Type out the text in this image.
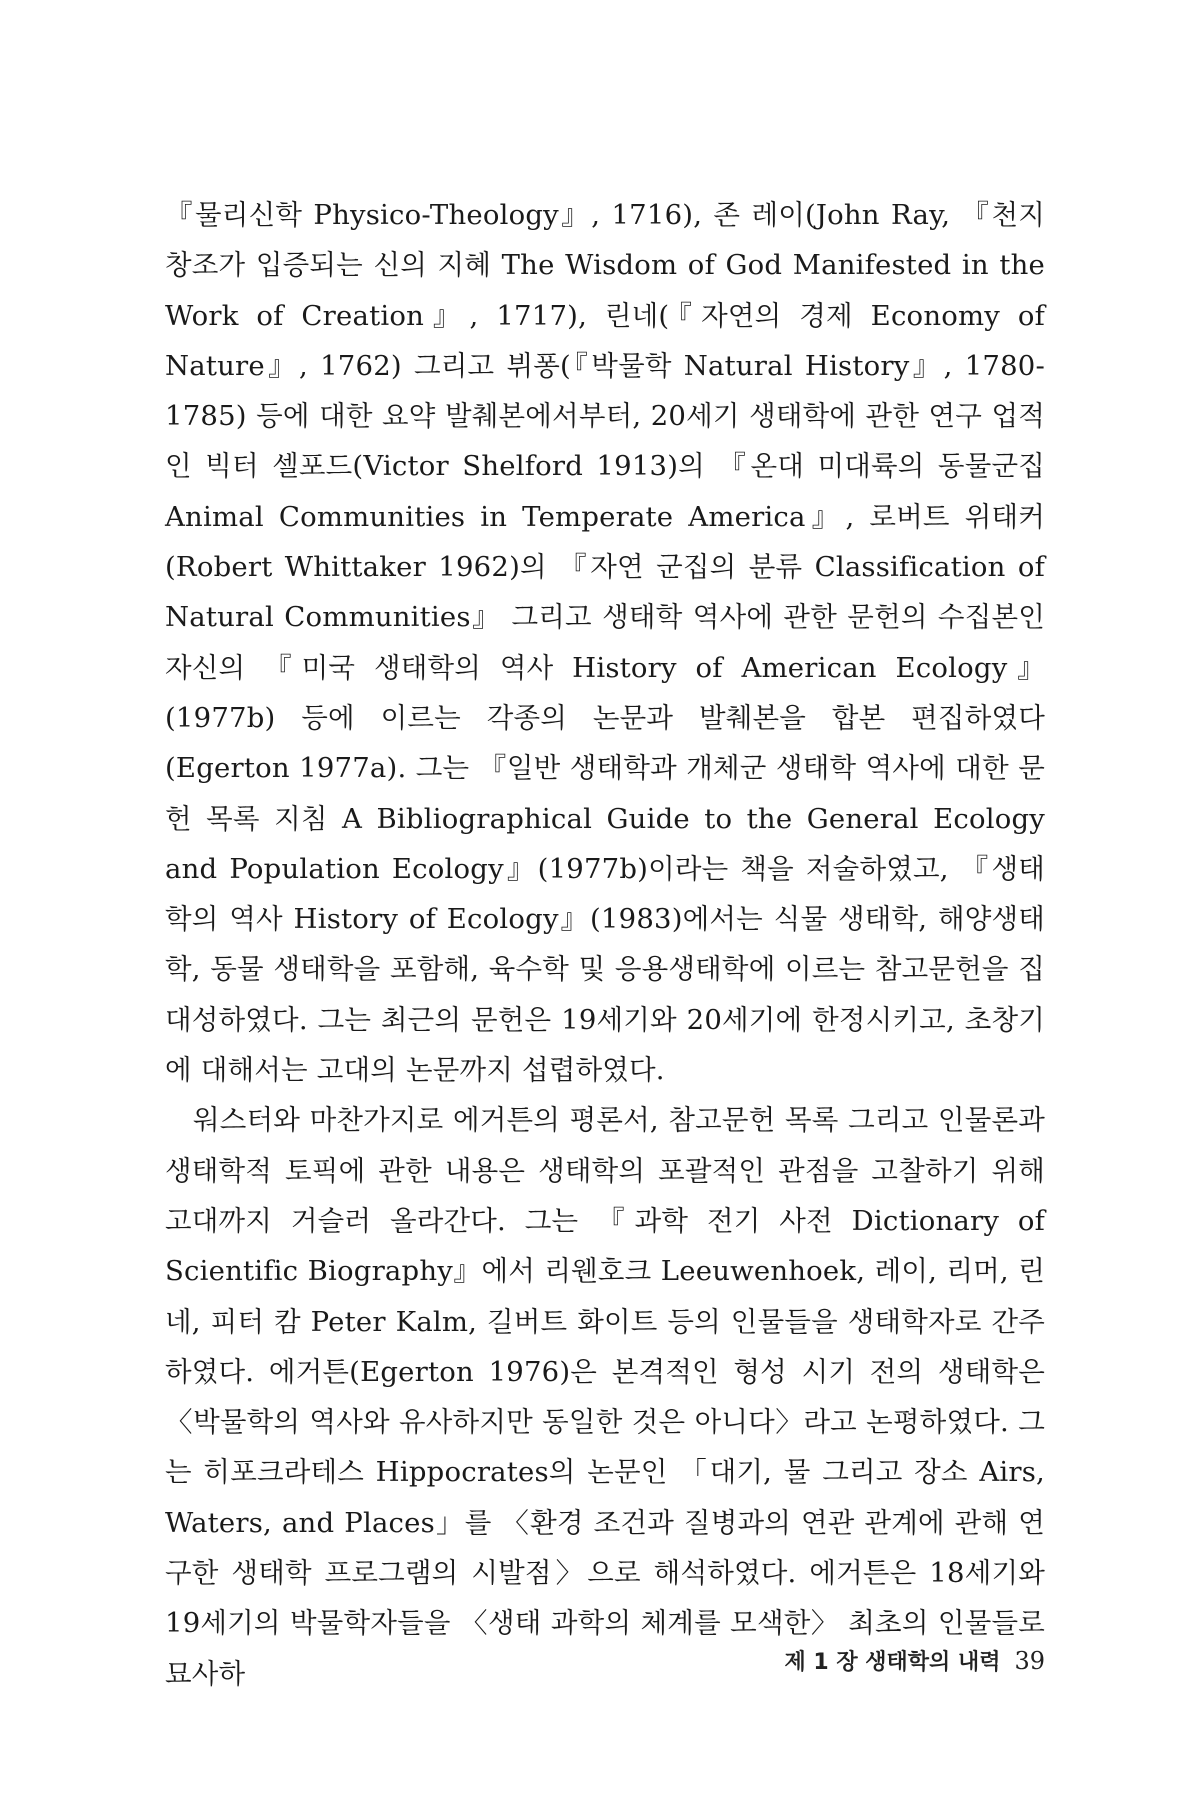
『물리신학 Physico-Theology』, 1716), 존 레이(John Ray, 『천지창조가 입증되는 신의 지혜 The Wisdom of God Manifested in the Work of Creation』, 1717), 린네(『자연의 경제 Economy of Nature』, 1762) 그리고 뷔퐁(『박물학 Natural History』, 1780-1785) 등에 대한 요약 발췌본에서부터, 20세기 생태학에 관한 연구 업적인 빅터 셀포드(Victor Shelford 1913)의 『온대 미대륙의 동물군집 Animal Communities in Temperate America』, 로버트 위태커(Robert Whittaker 1962)의 『자연 군집의 분류 Classification of Natural Communities』 그리고 생태학 역사에 관한 문헌의 수집본인 자신의 『미국 생태학의 역사 History of American Ecology』(1977b) 등에 이르는 각종의 논문과 발췌본을 합본 편집하였다(Egerton 1977a). 그는 『일반 생태학과 개체군 생태학 역사에 대한 문헌 목록 지침 A Bibliographical Guide to the General Ecology and Population Ecology』(1977b)이라는 책을 저술하였고, 『생태학의 역사 History of Ecology』(1983)에서는 식물 생태학, 해양생태학, 동물 생태학을 포함해, 육수학 및 응용생태학에 이르는 참고문헌을 집대성하였다. 그는 최근의 문헌은 19세기와 20세기에 한정시키고, 초창기에 대해서는 고대의 논문까지 섭렵하였다.

워스터와 마찬가지로 에거튼의 평론서, 참고문헌 목록 그리고 인물론과 생태학적 토픽에 관한 내용은 생태학의 포괄적인 관점을 고찰하기 위해 고대까지 거슬러 올라간다. 그는 『과학 전기 사전 Dictionary of Scientific Biography』에서 리웬호크 Leeuwenhoek, 레이, 리머, 린네, 피터 캄 Peter Kalm, 길버트 화이트 등의 인물들을 생태학자로 간주하였다. 에거튼(Egerton 1976)은 본격적인 형성 시기 전의 생태학은 〈박물학의 역사와 유사하지만 동일한 것은 아니다〉라고 논평하였다. 그는 히포크라테스 Hippocrates의 논문인 「대기, 물 그리고 장소 Airs, Waters, and Places」를 〈환경 조건과 질병과의 연관 관계에 관해 연구한 생태학 프로그램의 시발점〉으로 해석하였다. 에거튼은 18세기와 19세기의 박물학자들을 〈생태 과학의 체계를 모색한〉 최초의 인물들로 묘사하	제 1 장 생태학의 내력 39
